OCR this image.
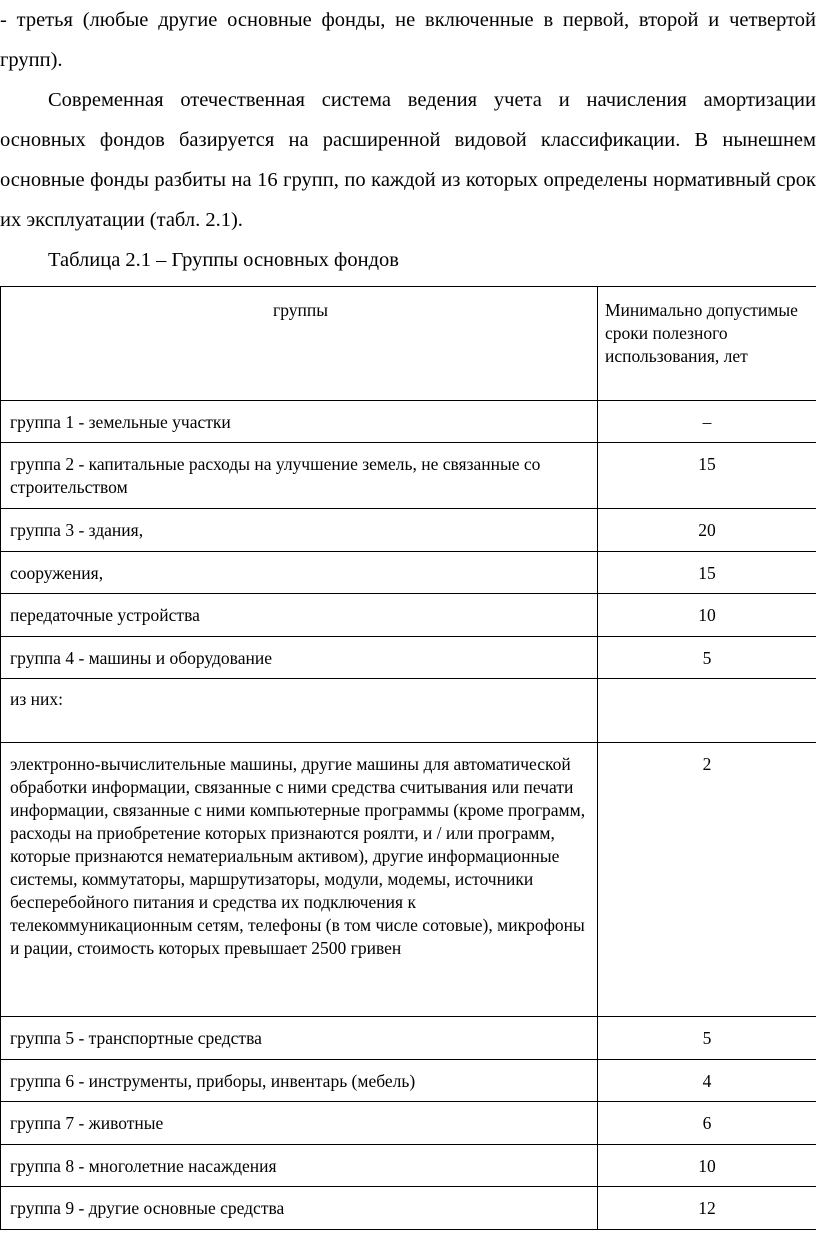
- третья (любые другие основные фонды, не включенные в первой, второй и четвертой групп).

Современная отечественная система ведения учета и начисления амортизации основных фондов базируется на расширенной видовой классификации. В нынешнем основные фонды разбиты на 16 групп, по каждой из которых определены нормативный срок их эксплуатации (табл. 2.1).

Таблица 2.1 – Группы основных фондов

группы	Минимально допустимые сроки полезного использования, лет

группа 1 - земельные участки	–

группа 2 - капитальные расходы на улучшение земель, не связанные со строительством	15

группа 3 - здания,	20

сооружения,	15

передаточные устройства	10

группа 4 - машины и оборудование	5

из них:	

электронно-вычислительные машины, другие машины для автоматической обработки информации, связанные с ними средства считывания или печати информации, связанные с ними компьютерные программы (кроме программ, расходы на приобретение которых признаются роялти, и / или программ, которые признаются нематериальным активом), другие информационные системы, коммутаторы, маршрутизаторы, модули, модемы, источники бесперебойного питания и средства их подключения к телекоммуникационным сетям, телефоны (в том числе сотовые), микрофоны и рации, стоимость которых превышает 2500 гривен	2

группа 5 - транспортные средства	5

группа 6 - инструменты, приборы, инвентарь (мебель)	4

группа 7 - животные	6

группа 8 - многолетние насаждения	10

группа 9 - другие основные средства	12
